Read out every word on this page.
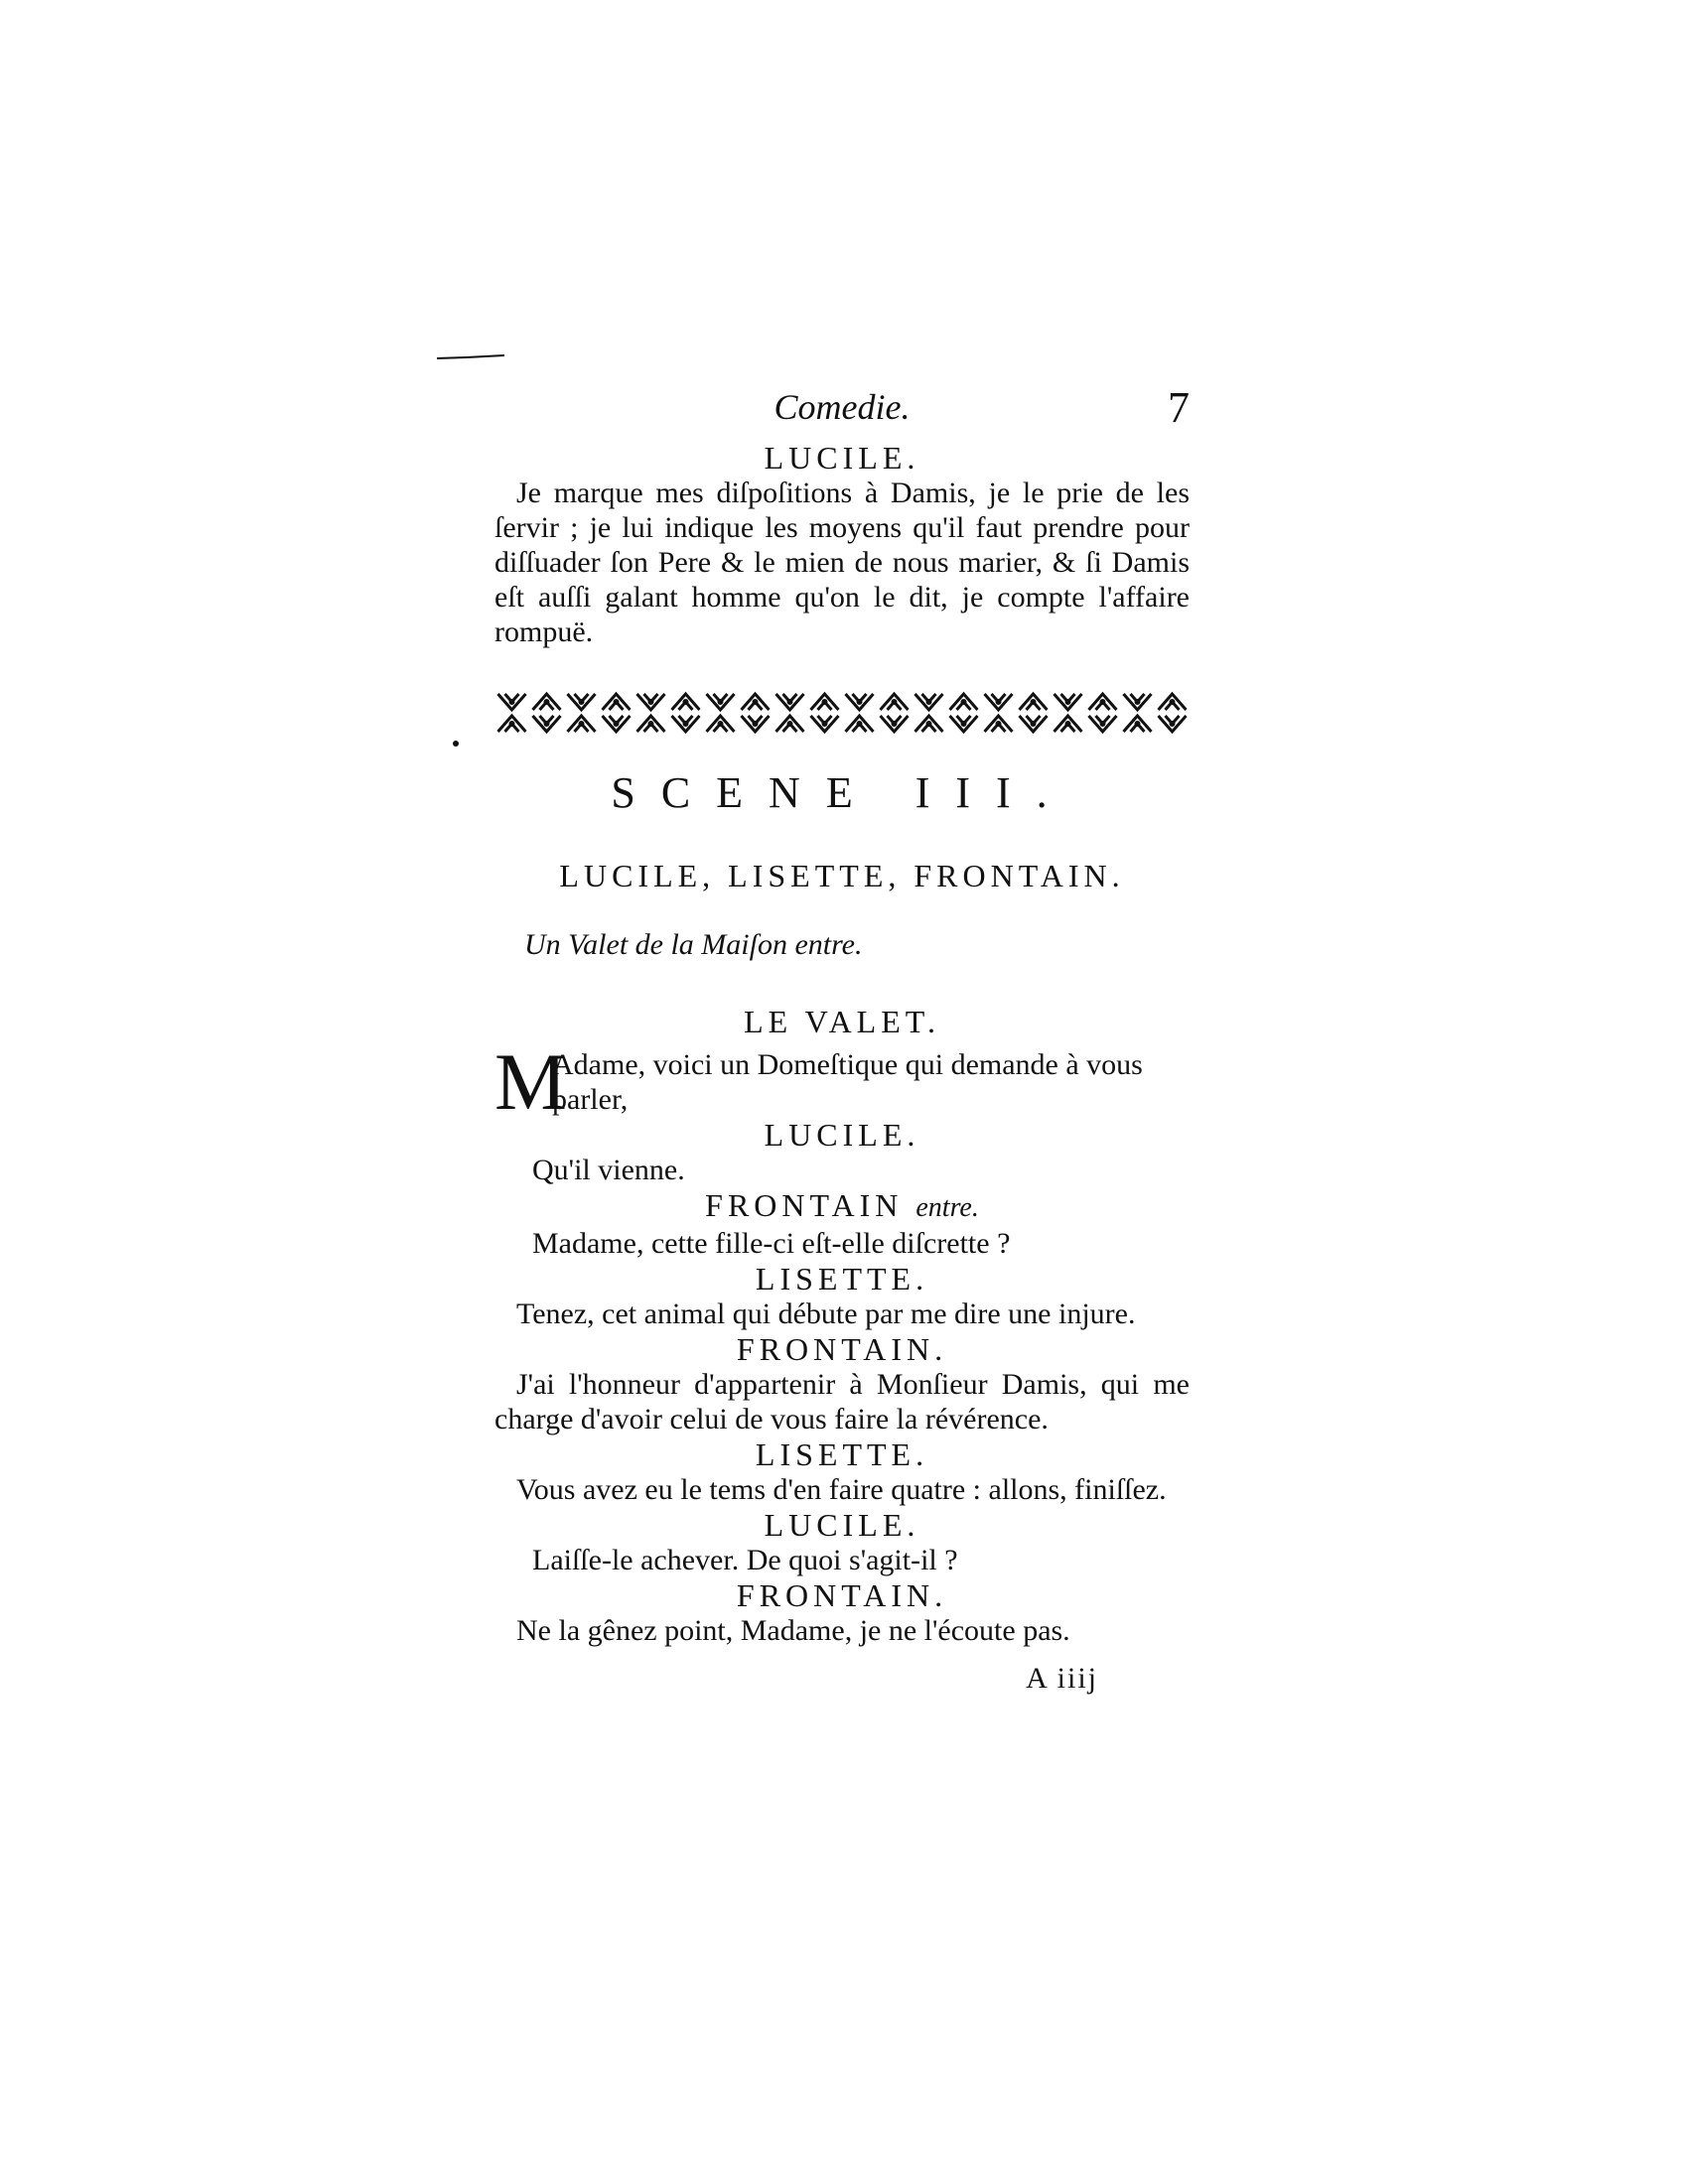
Comedie.	7
LUCILE.
Je marque mes diſpoſitions à Damis, je le prie de les ſervir ; je lui indique les moyens qu'il faut prendre pour diſſuader ſon Pere & le mien de nous marier, & ſi Damis eſt auſſi galant homme qu'on le dit, je compte l'affaire rompuë.
SCENE III.
LUCILE, LISETTE, FRONTAIN.
Un Valet de la Maiſon entre.
LE VALET.
M
Adame, voici un Domeſtique qui demande à vous parler,
LUCILE.
Qu'il vienne.
FRONTAIN entre.
Madame, cette fille-ci eſt-elle diſcrette ?
LISETTE.
Tenez, cet animal qui débute par me dire une injure.
FRONTAIN.
J'ai l'honneur d'appartenir à Monſieur Damis, qui me charge d'avoir celui de vous faire la révérence.
LISETTE.
Vous avez eu le tems d'en faire quatre : allons, finiſſez.
LUCILE.
Laiſſe-le achever. De quoi s'agit-il ?
FRONTAIN.
Ne la gênez point, Madame, je ne l'écoute pas.
A iiij
